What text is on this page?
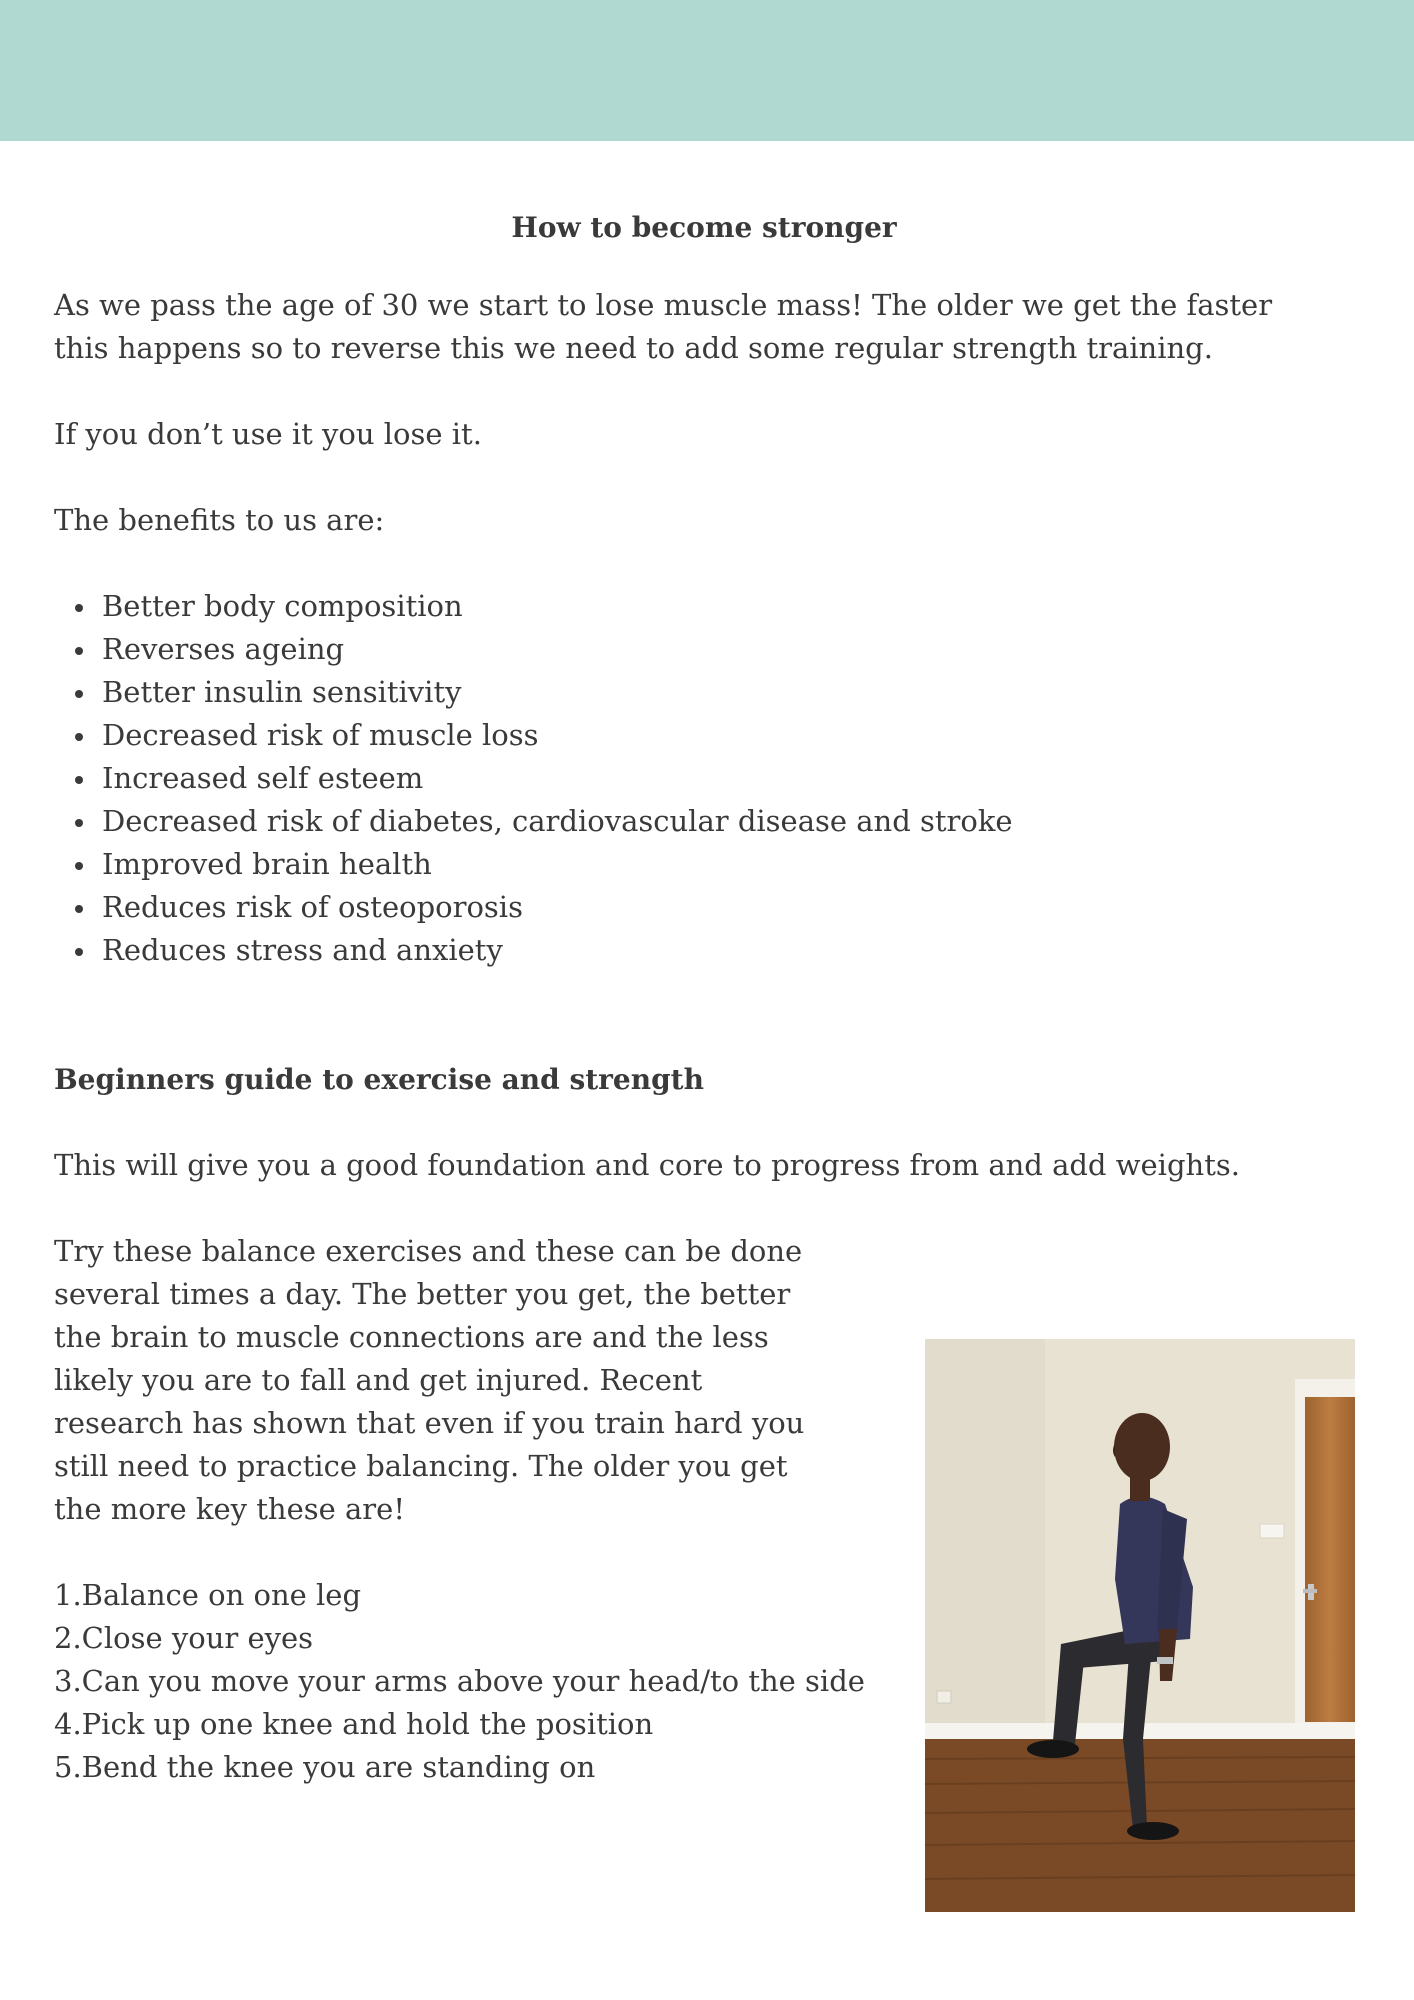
How to become stronger

As we pass the age of 30 we start to lose muscle mass! The older we get the faster this happens so to reverse this we need to add some regular strength training.

If you don’t use it you lose it.

The benefits to us are:

Better body composition
Reverses ageing
Better insulin sensitivity
Decreased risk of muscle loss
Increased self esteem
Decreased risk of diabetes, cardiovascular disease and stroke
Improved brain health
Reduces risk of osteoporosis
Reduces stress and anxiety
Beginners guide to exercise and strength

This will give you a good foundation and core to progress from and add weights.

Try these balance exercises and these can be done several times a day. The better you get, the better the brain to muscle connections are and the less likely you are to fall and get injured. Recent research has shown that even if you train hard you still need to practice balancing. The older you get the more key these are!

1.Balance on one leg
2.Close your eyes
3.Can you move your arms above your head/to the side
4.Pick up one knee and hold the position
5.Bend the knee you are standing on
